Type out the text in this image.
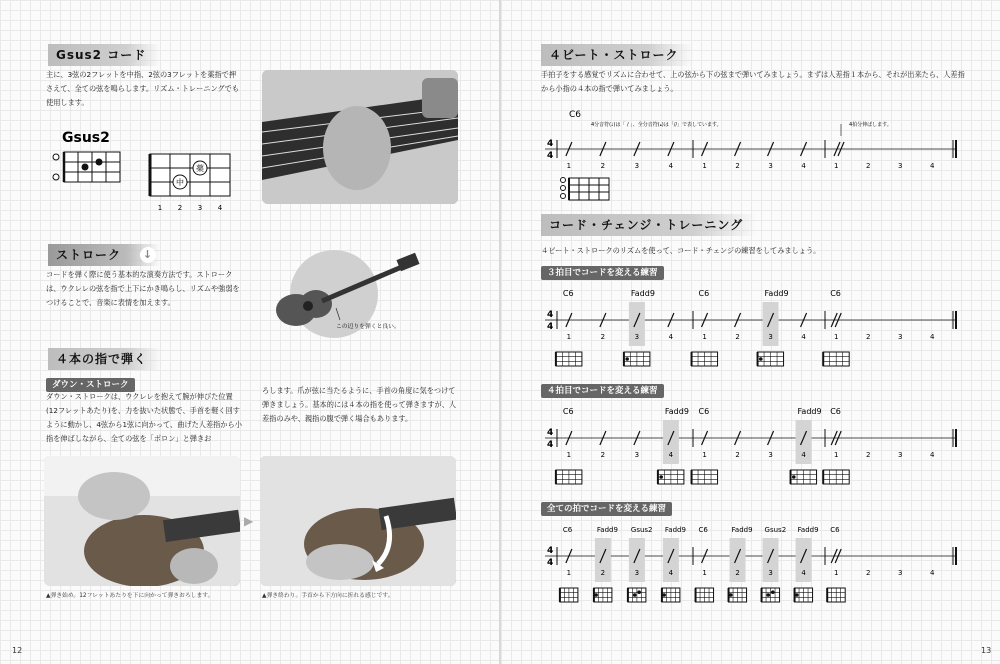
Gsus2 コード
主に、3弦の2フレットを中指、2弦の3フレットを薬指で押さえて、全ての弦を鳴らします。リズム・トレーニングでも使用します。
Gsus2
薬
中
1 2 3 4
ストローク ↓
コードを弾く際に使う基本的な演奏方法です。ストロークは、ウクレレの弦を指で上下にかき鳴らし、リズムや強弱をつけることで、音楽に表情を加えます。
この辺りを弾くと良い。
４本の指で弾く
ダウン・ストローク
ダウン・ストロークは、ウクレレを抱えて腕が伸びた位置(12フレットあたり)を、力を抜いた状態で、手首を軽く回すように動かし、4弦から1弦に向かって、曲げた人差指から小指を伸ばしながら、全ての弦を「ポロン」と弾きお
ろします。爪が弦に当たるように、手首の角度に気をつけて弾きましょう。基本的には４本の指を使って弾きますが、人差指のみや、親指の腹で弾く場合もあります。
▶
▲弾き始め。12フレットあたりを下に向かって弾きおろします。	▲弾き終わり。手首から下方向に折れる感じです。
12
４ビート・ストローク
手拍子をする感覚でリズムに合わせて、上の弦から下の弦まで弾いてみましょう。まずは人差指１本から、それが出来たら、人差指から小指の４本の指で弾いてみましょう。
C6
4分音符(♩)は「 / 」、全分音符(𝅝)は「//」で表しています。	4拍分伸ばします。
4
4
1	2	3	4	1	2	3	4	1	2	3	4
コード・チェンジ・トレーニング
４ビート・ストロークのリズムを使って、コード・チェンジの練習をしてみましょう。
３拍目でコードを変える練習
4
4
1	2	3	4	1	2	3	4	1	2	3	4
C6	Fadd9	C6	Fadd9	C6
４拍目でコードを変える練習
4
4
1	2	3	4	1	2	3	4	1	2	3	4
C6	Fadd9 C6	Fadd9 C6
全ての拍でコードを変える練習
4
4
1	2	3	4	1	2	3	4	1	2	3	4
C6	Fadd9 Gsus2 Fadd9 C6	Fadd9 Gsus2 Fadd9 C6
13
